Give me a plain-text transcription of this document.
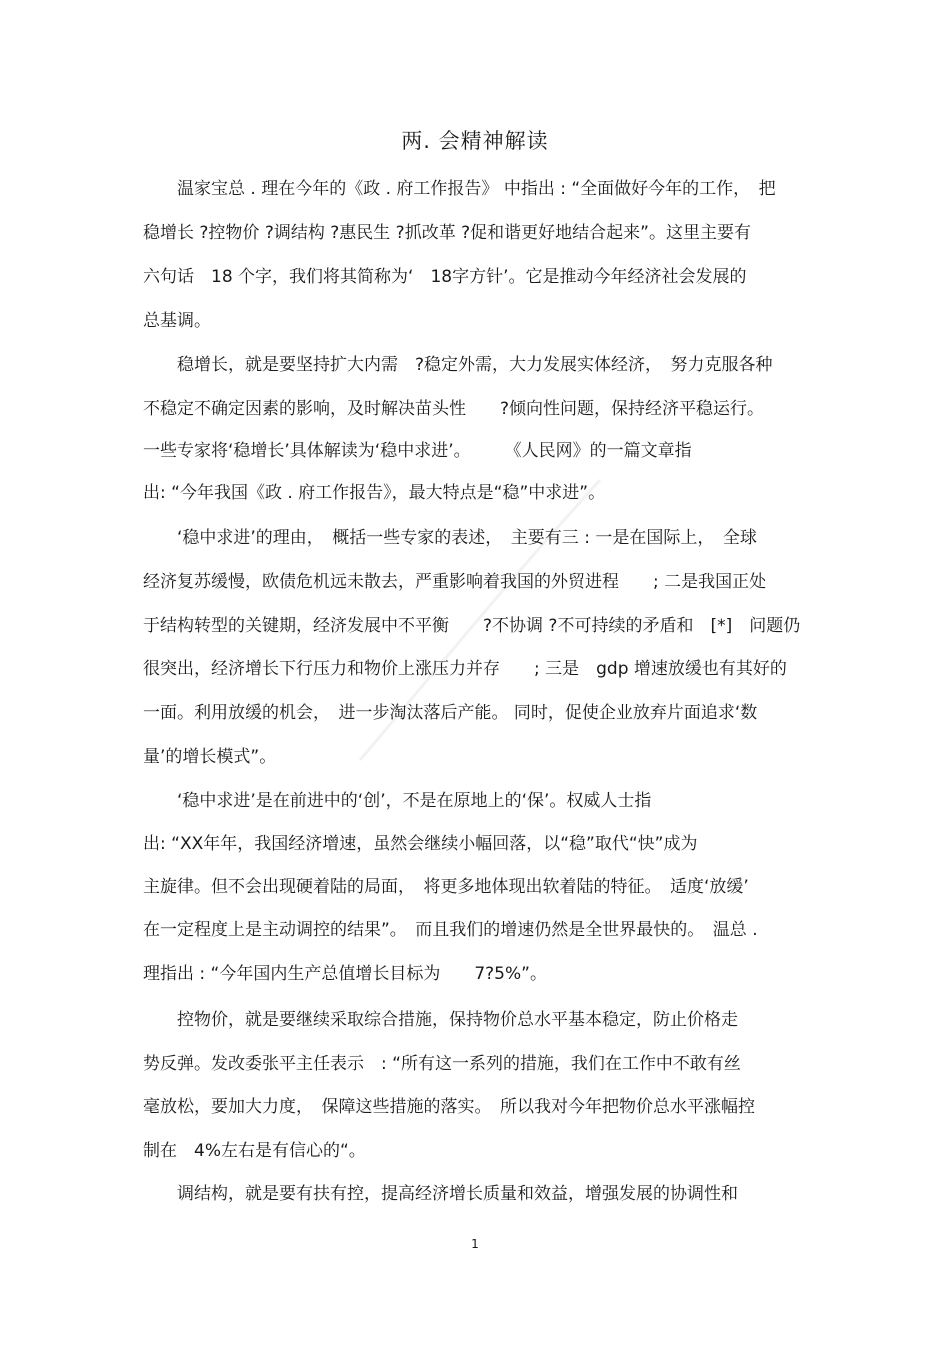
两. 会精神解读
　　温家宝总 . 理在今年的《政 . 府工作报告》 中指出 : “全面做好今年的工作，　把
稳增长 ?控物价 ?调结构 ?惠民生 ?抓改革 ?促和谐更好地结合起来”。这里主要有
六句话　18 个字，我们将其简称为‘　18字方针’。它是推动今年经济社会发展的
总基调。
　　稳增长，就是要坚持扩大内需　?稳定外需，大力发展实体经济，　努力克服各种
不稳定不确定因素的影响，及时解决苗头性　　?倾向性问题，保持经济平稳运行。
一些专家将‘稳增长’具体解读为‘稳中求进’。　　　《人民网》的一篇文章指
出: “今年我国《政 . 府工作报告》，最大特点是“稳”中求进”。
　　‘稳中求进’的理由，　概括一些专家的表述，　主要有三 : 一是在国际上，　全球
经济复苏缓慢，欧债危机远未散去，严重影响着我国的外贸进程　　; 二是我国正处
于结构转型的关键期，经济发展中不平衡　　?不协调 ?不可持续的矛盾和　[*]　问题仍
很突出，经济增长下行压力和物价上涨压力并存　　; 三是　gdp 增速放缓也有其好的
一面。利用放缓的机会，　进一步淘汰落后产能。 同时，促使企业放弃片面追求‘数
量’的增长模式”。
　　‘稳中求进’是在前进中的‘创’，不是在原地上的‘保’。权威人士指
出: “XX年年，我国经济增速，虽然会继续小幅回落，以“稳”取代“快”成为
主旋律。但不会出现硬着陆的局面，　将更多地体现出软着陆的特征。　适度‘放缓’
在一定程度上是主动调控的结果”。　而且我们的增速仍然是全世界最快的。　温总 .
理指出 : “今年国内生产总值增长目标为　　7?5%”。
　　控物价，就是要继续采取综合措施，保持物价总水平基本稳定，防止价格走
势反弹。发改委张平主任表示　: “所有这一系列的措施，我们在工作中不敢有丝
毫放松，要加大力度，　保障这些措施的落实。　所以我对今年把物价总水平涨幅控
制在　4%左右是有信心的“。
　　调结构，就是要有扶有控，提高经济增长质量和效益，增强发展的协调性和
1
